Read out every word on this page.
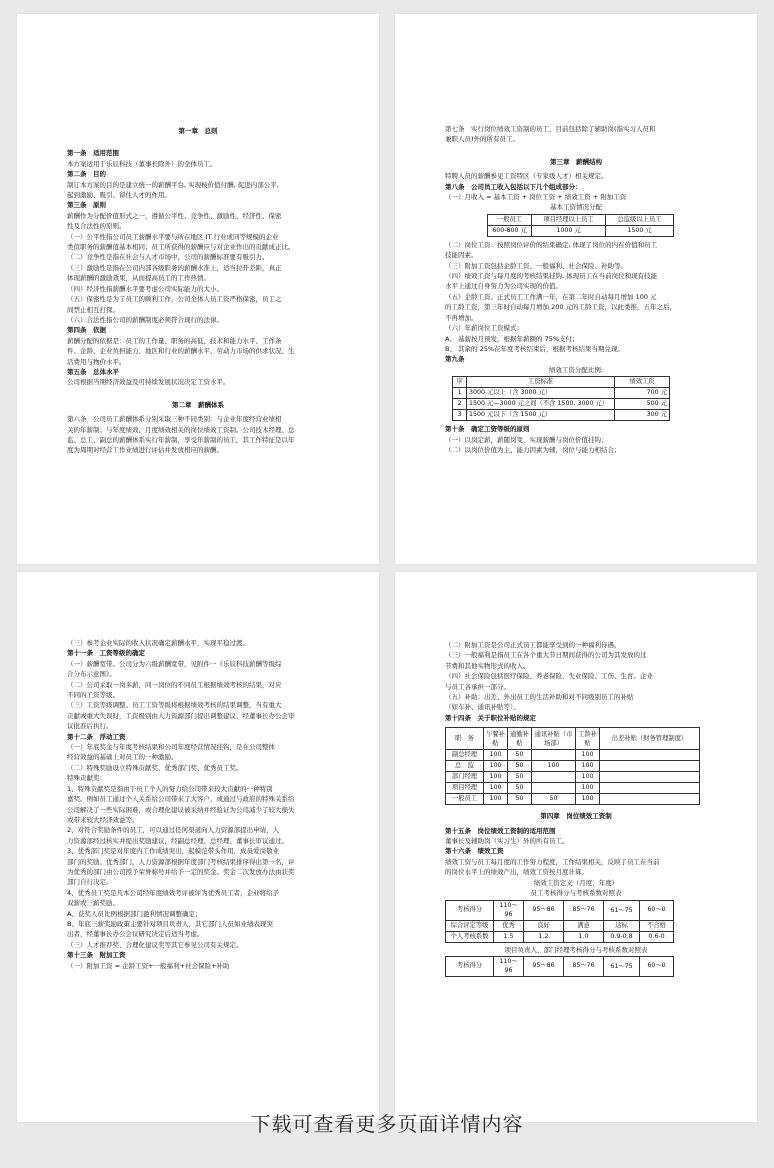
第一章　总则
第一条　适用范围
本方案适用于乐辰科技（董事长除外）的全体员工。
第二条　目的
制订本方案的目的是建立统一的薪酬平台, 实现按价值付酬, 促进内部公平,
起到激励、吸引、留住人才的作用。
第三条　原则
薪酬作为分配价值形式之一，遵循公平性、竞争性、激励性、经济性、保密
性及合法性的原则。
（一）公平性指公司员工薪酬水平要与所在地区 IT 行业或同等规模的企业
类似职务的薪酬值基本相同；员工所获得的薪酬应与对企业作出的贡献成正比。
（二）竞争性是指在社会与人才市场中，公司的薪酬标准要有吸引力。
（三）激励性是指在公司内部各级职务的薪酬水准上，适当拉开差距，真正
体现薪酬的激励效果，从而提高员工的工作热情。
（四）经济性指薪酬水平要考虑公司实际能力的大小。
（五）保密性是为了员工的顺利工作，公司全体人员工资严格保密，员工之
间禁止相互打探。
（六）合法性指公司的薪酬制度必须符合现行的法律。
第四条　依据
薪酬分配的依据是：员工的工作量、职务的高低、技术和能力水平、工作条
件、企龄、企业负担能力、地区和行业的薪酬水平、劳动力市场的供求状况、生
活费用与物价水平。
第五条　总体水平
公司根据当期经济效益及可持续发展状况决定工资水平。
第二章　薪酬体系
第六条　公司员工薪酬体系分别采取三种不同类别：与企业年度经营业绩相
关的年薪制；与年度绩效、月度绩效相关的岗位绩效工资制。公司技术经理、总
监、总工、副总的薪酬体系实行年薪制，享受年薪制的员工，其工作特征是以年
度为周期对经营工作业绩进行评估并发放相应的薪酬。
第七条　实行岗位绩效工资制的员工，目前包括除了辅助岗(指实习人员和
兼职人员)外的所有员工。
第三章　薪酬结构
特聘人员的薪酬参见工资特区（专家级人才）相关规定。
第八条　公司员工收入包括以下几个组成部分：
（一）月收入 = 基本工资 + 岗位工资 + 绩效工资 + 附加工资
基本工资情况分配
一般员工	项目经理以上员工	总监级以上员工
600-800 元	1000 元	1500 元
（二）岗位工资：按照岗位评价的结果确定, 体现了岗位的内在价值和员工
技能因素。
（三）附加工资包括企龄工资、一般福利、社会保险、补助等。
（四）绩效工资与每月度的考核结果挂钩, 体现员工在当前岗位和现有技能
水平上通过自身努力为公司实现的价值。
（五）企龄工资。正式员工工作满一年，在第二年时自动每月增加 100 元
的工龄工资，第三年时自动每月增加 200 元的工龄工资，以此类推，五年之后，
不再增加。
（六）年薪岗位工资模式：
A、 基薪按月预发，根据年薪额的 75%支付；
B、 其余的 25%在年度考核结束后，根据考核结果当期兑现。
第九条
绩效工资分配比例:
序	工资标准	绩效工资
1	3000 元以上（含 3000 元）	700 元
2	1500 元—3000 元之间（不含 1500, 3000 元）	500 元
3	1500 元以下（含 1500 元）	300 元
第十条　确定工资等级的原则
（一）以岗定薪，薪随岗变，实现薪酬与岗位价值挂钩；
（二）以岗位价值为主、能力因素为辅，岗位与能力相结合；
（三）参考企业实际的收入状况确定薪酬水平，实现平稳过渡。
第十一条　工资等级的确定
（一）薪酬宽带。公司分为六级薪酬宽带，见附件一《乐辰科技薪酬等级综
合分布示意图》。
（二）公司采取一岗多薪，同一岗位的不同员工根据绩效考核的结果，对应
不同的工资等级。
（三）工资等级调整。员工工资等级将根据绩效考核的结果调整，当有重大
贡献或重大失误时，工资级别由人力资源部门提出调整建议，经董事长办公会审
议批准后执行。
第十二条　浮动工资
（一）年底奖金与年度考核结果和公司年度经营情况挂钩，是在公司整体
经营效益的基础上对员工的一种激励。
（二）特殊奖励设立特殊贡献奖、优秀部门奖、优秀员工奖。
特殊贡献奖：
1、特殊贡献奖是指由于员工个人的努力给公司带来较大贡献的一种特别
嘉奖。例如员工通过个人关系给公司带来了大客户，或通过与政府的特殊关系给
公司解决了一些实际困难，或合理化建议被采纳并经验证为公司减少了较大损失
或带来较大经济效益等。
2、对符合奖励条件的员工，可以通过任何渠道向人力资源部提出申请，人
力资源部经过核实并提出奖励建议，经副总经理、总经理、董事长审议通过。
3、优秀部门奖是对年度内工作成绩突出，起模范带头作用，成员爱岗敬业
部门的奖励。优秀部门，人力资源部根据年度部门考核结果排序得出第一名，评
为优秀的部门由公司授予荣誉称号并给予一定的奖金。奖金二次发放办法由获奖
部门自行决定。
4、优秀员工奖是凡本公司经年度绩效考评被评为优秀员工者，企业将给予
双薪或三薪奖励。
A、获奖人员比例根据部门盈利情况调整确定；
B、年底三薪奖励政策主要针对项目负责人，其它部门人员如业绩表现突
出者，经董事长办公会议研究决定后适当考虑。
（三）人才推荐奖、合理化建议奖等其它参见公司有关规定。
第十三条　附加工资
（一）附加工资 = 企龄工资+一般福利+社会保险+补助
（二）附加工资是公司正式员工都能享受到的一种福利待遇。
（三）一般福利是指员工在各个重大节日期间获得的公司为其发放的过
节费和其他实物形式的收入。
（四）社会保险包括医疗保险、养老保险、失业保险、工伤、生育。企业
与员工各承担一部分。
（五）补助：出差、外出员工的生活补助和对不同级别员工的补贴
（如车补、通讯补贴等）。
第十四条　关于职位补贴的规定
职　务	午餐补贴	通勤补贴	通讯补贴（市场部）	工龄补贴	出差补贴（财务管理制度）
副总经理	100	50		100	
总　监	100	50	100	100	
部门经理	100	50		100	
项目经理	100	50		100	
一般员工	100	50	50	100	
第四章　岗位绩效工资制
第十五条　岗位绩效工资制的适用范围
董事长及辅助岗（实习生）外的所有员工。
第十六条　绩效工资
绩效工资与员工每月度的工作努力程度，工作结果相关，反映了员工在当前
的岗位水平上的绩效产出，绩效工资按月度计算。
绩效工资定义（月度、年度）
员工考核得分与考核系数对照表
考核得分	110～96	95～86	85～76	61～75	60～0
综合评定等级	优秀	良好	满意	达标	不合格
个人考核系数	1.5	1.2	1.0	0.9-0.8	0.6-0
项目负责人、部门经理考核得分与考核系数对照表
考核得分	110～96	95～86	85～76	61～75	60～0
下载可查看更多页面详情内容
